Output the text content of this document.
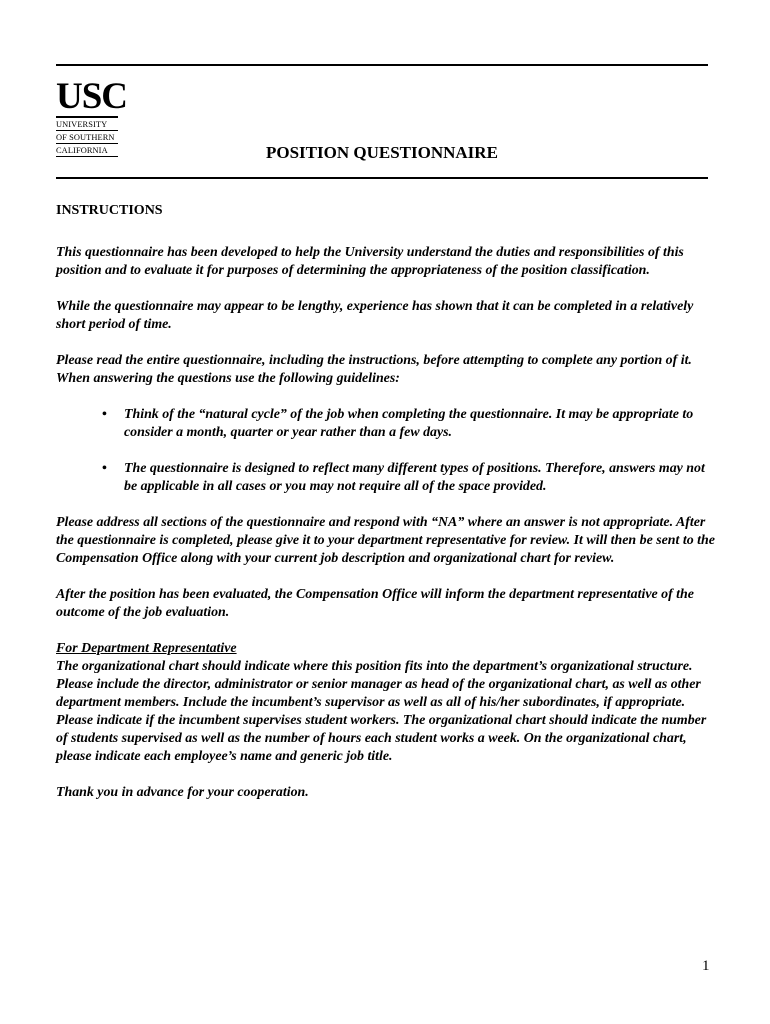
USC
UNIVERSITY
OF SOUTHERN
CALIFORNIA	POSITION QUESTIONNAIRE
INSTRUCTIONS

This questionnaire has been developed to help the University understand the duties and responsibilities of this position and to evaluate it for purposes of determining the appropriateness of the position classification.

While the questionnaire may appear to be lengthy, experience has shown that it can be completed in a relatively short period of time.

Please read the entire questionnaire, including the instructions, before attempting to complete any portion of it. When answering the questions use the following guidelines:

• Think of the “natural cycle” of the job when completing the questionnaire. It may be appropriate to consider a month, quarter or year rather than a few days.
• The questionnaire is designed to reflect many different types of positions. Therefore, answers may not be applicable in all cases or you may not require all of the space provided.

Please address all sections of the questionnaire and respond with “NA” where an answer is not appropriate. After the questionnaire is completed, please give it to your department representative for review. It will then be sent to the Compensation Office along with your current job description and organizational chart for review.

After the position has been evaluated, the Compensation Office will inform the department representative of the outcome of the job evaluation.

For Department Representative
The organizational chart should indicate where this position fits into the department’s organizational structure. Please include the director, administrator or senior manager as head of the organizational chart, as well as other department members. Include the incumbent’s supervisor as well as all of his/her subordinates, if appropriate. Please indicate if the incumbent supervises student workers. The organizational chart should indicate the number of students supervised as well as the number of hours each student works a week. On the organizational chart, please indicate each employee’s name and generic job title.

Thank you in advance for your cooperation.

1
